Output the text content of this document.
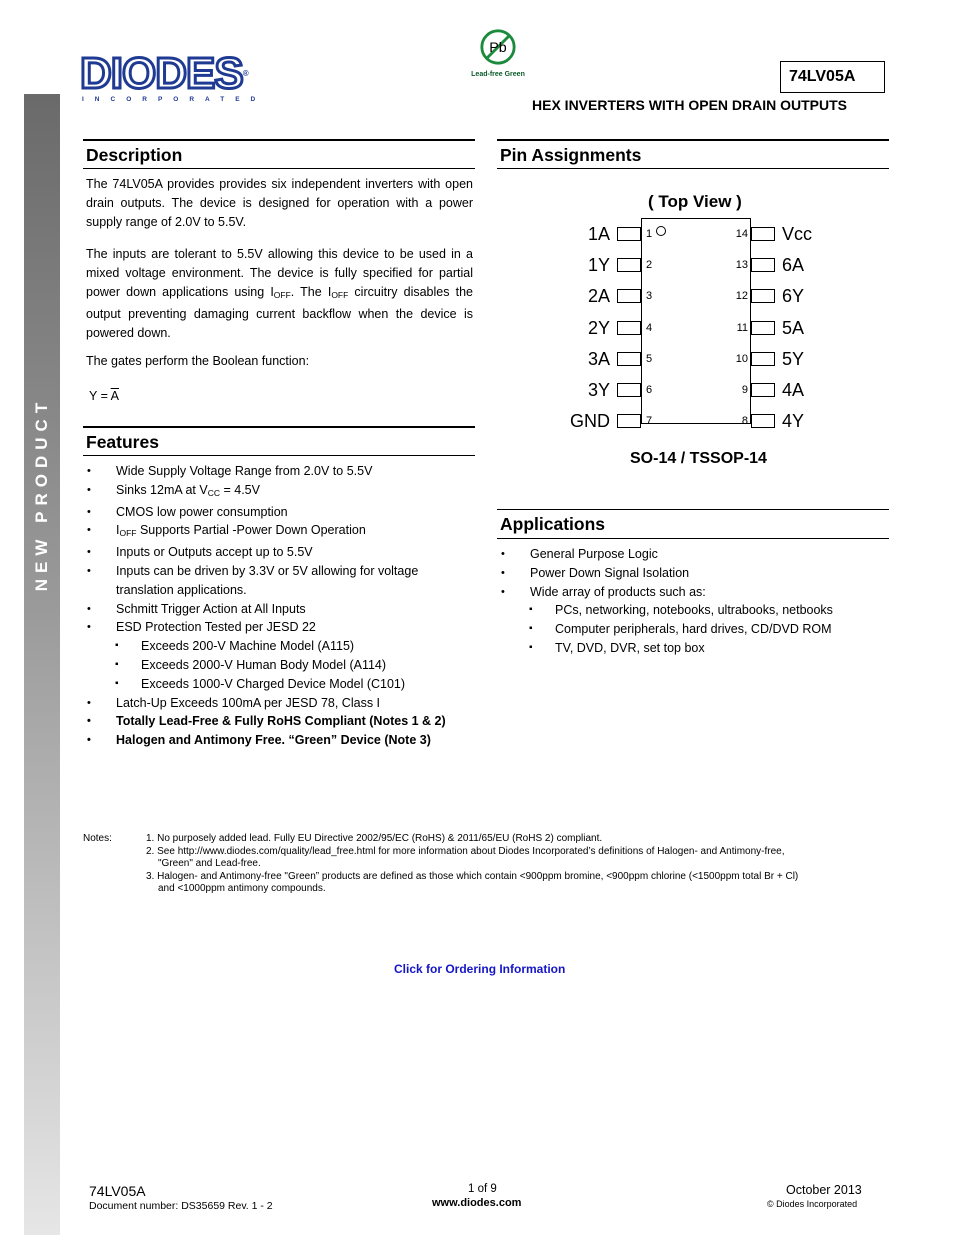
NEW PRODUCT
DIODES®
INCORPORATED
Pb
Lead-free Green	74LV05A
HEX INVERTERS WITH OPEN DRAIN OUTPUTS
Description

The 74LV05A provides provides six independent inverters with open drain outputs. The device is designed for operation with a power supply range of 2.0V to 5.5V.

The inputs are tolerant to 5.5V allowing this device to be used in a mixed voltage environment. The device is fully specified for partial power down applications using $I_{OFF}$. The $I_{OFF}$ circuitry disables the output preventing damaging current backflow when the device is powered down.

The gates perform the Boolean function:

$Y = \overline{A}$

Features
• Wide Supply Voltage Range from 2.0V to 5.5V
• Sinks 12mA at $V_{CC} = 4.5V$
• CMOS low power consumption
• $I_{OFF}$ Supports Partial -Power Down Operation
• Inputs or Outputs accept up to 5.5V
• Inputs can be driven by 3.3V or 5V allowing for voltage translation applications.
• Schmitt Trigger Action at All Inputs
• ESD Protection Tested per JESD 22
▪ Exceeds 200-V Machine Model (A115)
▪ Exceeds 2000-V Human Body Model (A114)
▪ Exceeds 1000-V Charged Device Model (C101)
• Latch-Up Exceeds 100mA per JESD 78, Class I
• Totally Lead-Free & Fully RoHS Compliant (Notes 1 & 2)
• Halogen and Antimony Free. “Green” Device (Note 3)
Pin Assignments
( Top View )
1
1A
2
1Y
3
2A
4
2Y
5
3A
6
3Y
7
GND
14 Vcc
13 6A
12 6Y
11 5A
10 5Y
9 4A
8 4Y
SO-14 / TSSOP-14
Applications
• General Purpose Logic
• Power Down Signal Isolation
• Wide array of products such as:
▪ PCs, networking, notebooks, ultrabooks, netbooks
▪ Computer peripherals, hard drives, CD/DVD ROM
▪ TV, DVD, DVR, set top box
Notes:	1. No purposely added lead. Fully EU Directive 2002/95/EC (RoHS) & 2011/65/EU (RoHS 2) compliant.
2. See http://www.diodes.com/quality/lead_free.html for more information about Diodes Incorporated’s definitions of Halogen- and Antimony-free,
"Green" and Lead-free.
3. Halogen- and Antimony-free "Green” products are defined as those which contain <900ppm bromine, <900ppm chlorine (<1500ppm total Br + Cl)
and <1000ppm antimony compounds.
Click for Ordering Information
74LV05A
Document number: DS35659 Rev. 1 - 2
1 of 9
www.diodes.com
October 2013
© Diodes Incorporated
